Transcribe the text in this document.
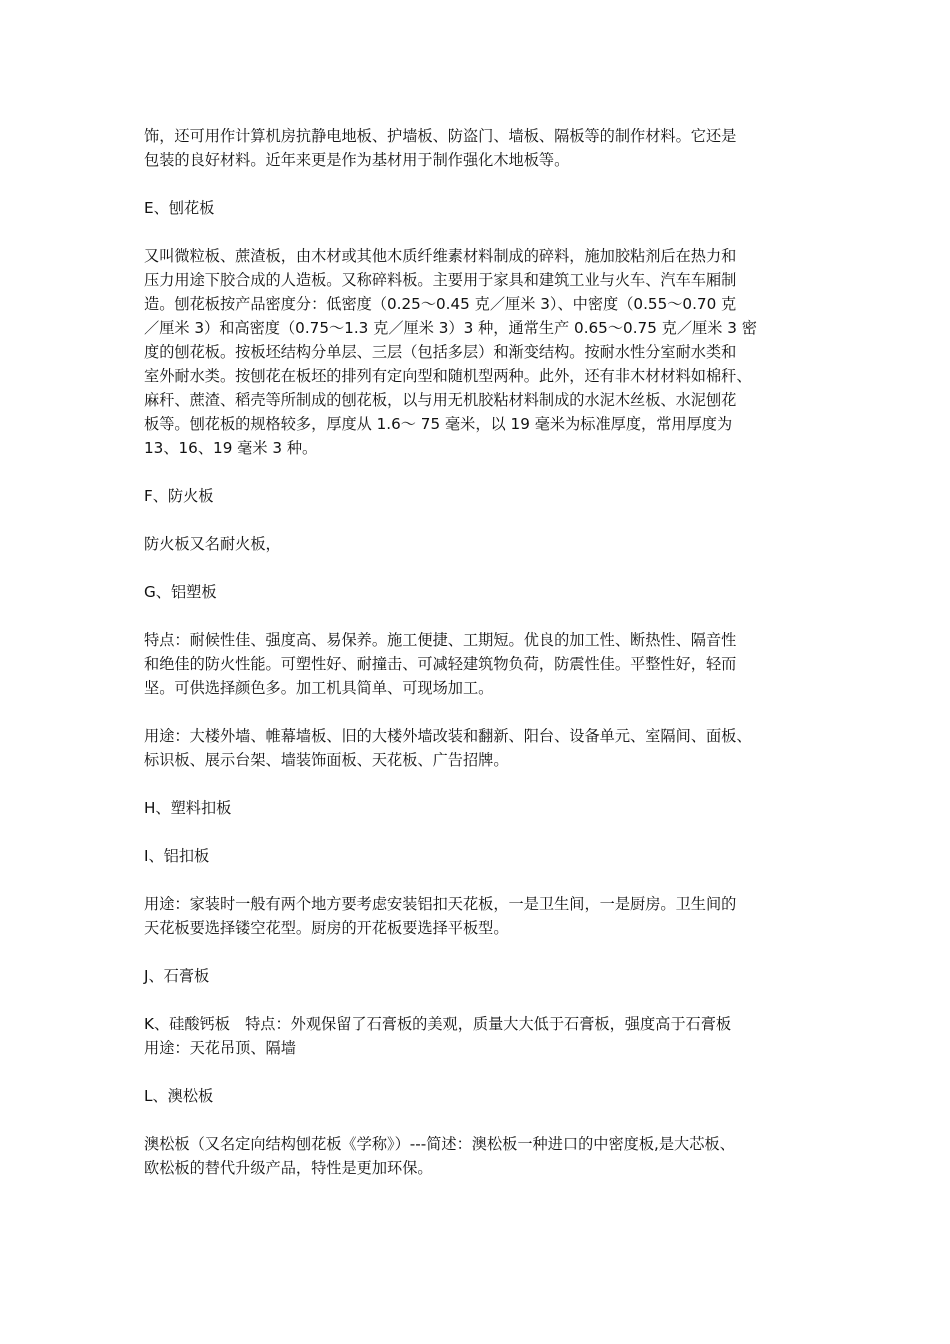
饰，还可用作计算机房抗静电地板、护墙板、防盗门、墙板、隔板等的制作材料。它还是
包装的良好材料。近年来更是作为基材用于制作强化木地板等。
E、刨花板
又叫微粒板、蔗渣板，由木材或其他木质纤维素材料制成的碎料，施加胶粘剂后在热力和
压力用途下胶合成的人造板。又称碎料板。主要用于家具和建筑工业与火车、汽车车厢制
造。刨花板按产品密度分：低密度（0.25～0.45 克／厘米 3）、中密度（0.55～0.70 克
／厘米 3）和高密度（0.75～1.3 克／厘米 3）3 种，通常生产 0.65～0.75 克／厘米 3 密
度的刨花板。按板坯结构分单层、三层（包括多层）和渐变结构。按耐水性分室耐水类和
室外耐水类。按刨花在板坯的排列有定向型和随机型两种。此外，还有非木材材料如棉秆、
麻秆、蔗渣、稻壳等所制成的刨花板，以与用无机胶粘材料制成的水泥木丝板、水泥刨花
板等。刨花板的规格较多，厚度从 1.6～ 75 毫米，以 19 毫米为标准厚度，常用厚度为
13、16、19 毫米 3 种。
F、防火板
防火板又名耐火板，
G、铝塑板
特点：耐候性佳、强度高、易保养。施工便捷、工期短。优良的加工性、断热性、隔音性
和绝佳的防火性能。可塑性好、耐撞击、可减轻建筑物负荷，防震性佳。平整性好，轻而
坚。可供选择颜色多。加工机具简单、可现场加工。
用途：大楼外墙、帷幕墙板、旧的大楼外墙改装和翻新、阳台、设备单元、室隔间、面板、
标识板、展示台架、墙装饰面板、天花板、广告招牌。
H、塑料扣板
I、铝扣板
用途：家装时一般有两个地方要考虑安装铝扣天花板，一是卫生间，一是厨房。卫生间的
天花板要选择镂空花型。厨房的开花板要选择平板型。
J、石膏板
K、硅酸钙板　特点：外观保留了石膏板的美观，质量大大低于石膏板，强度高于石膏板
用途：天花吊顶、隔墙
L、澳松板
澳松板（又名定向结构刨花板《学称》）---简述：澳松板一种进口的中密度板,是大芯板、
欧松板的替代升级产品，特性是更加环保。
